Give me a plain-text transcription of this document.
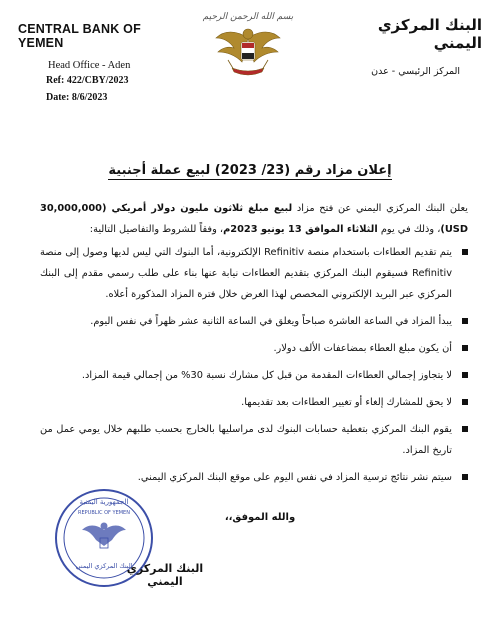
CENTRAL BANK OF YEMEN
Head Office - Aden
Ref: 422/CBY/2023
Date: 8/6/2023
بسم الله الرحمن الرحيم	البنك المركزي اليمني
المركز الرئيسي - عدن
إعلان مزاد رقم (23/ 2023) لبيع عملة أجنبية

يعلن البنك المركزي اليمني عن فتح مزاد لبيع مبلغ ثلاثون مليون دولار أمريكي (30,000,000 USD)، وذلك في يوم الثلاثاء الموافق 13 يونيو 2023م، وفقاً للشروط والتفاصيل التالية:

يتم تقديم العطاءات باستخدام منصة Refinitiv الإلكترونية، أما البنوك التي ليس لديها وصول إلى منصة Refinitiv فسيقوم البنك المركزي بتقديم العطاءات نيابة عنها بناء على طلب رسمي مقدم إلى البنك المركزي عبر البريد الإلكتروني المخصص لهذا الغرض خلال فترة المزاد المذكورة أعلاه.
يبدأ المزاد في الساعة العاشرة صباحاً ويغلق في الساعة الثانية عشر ظهراً في نفس اليوم.
أن يكون مبلغ العطاء بمضاعفات الألف دولار.
لا يتجاوز إجمالي العطاءات المقدمة من قبل كل مشارك نسبة 30% من إجمالي قيمة المزاد.
لا يحق للمشارك إلغاء أو تغيير العطاءات بعد تقديمها.
يقوم البنك المركزي بتغطية حسابات البنوك لدى مراسليها بالخارج بحسب طلبهم خلال يومي عمل من تاريخ المزاد.
سيتم نشر نتائج ترسية المزاد في نفس اليوم على موقع البنك المركزي اليمني.
والله الموفق،،
الجمهورية اليمنية
REPUBLIC OF YEMEN
البنك المركزي اليمني
البنك المركزي اليمني
